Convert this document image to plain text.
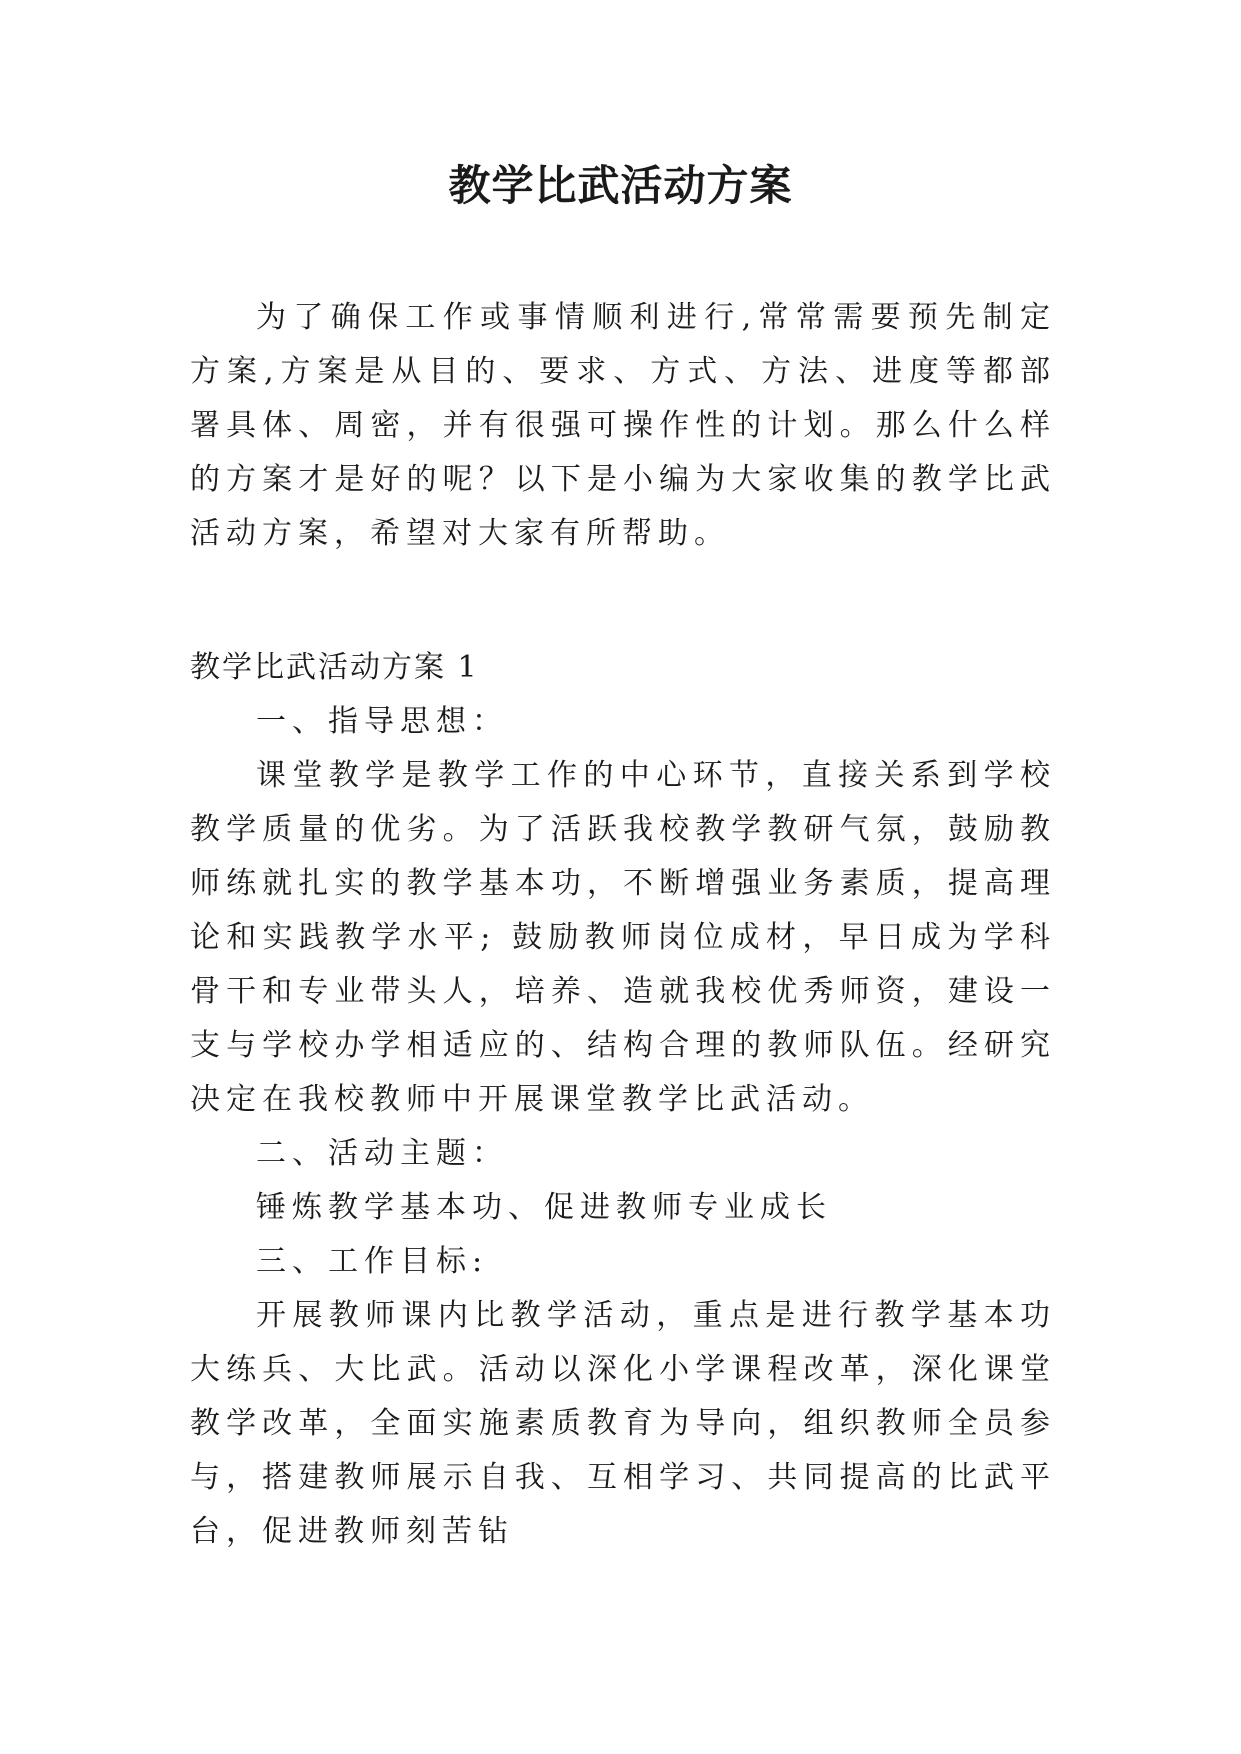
教学比武活动方案

为了确保工作或事情顺利进行,常常需要预先制定方案,方案是从目的、要求、方式、方法、进度等都部署具体、周密，并有很强可操作性的计划。那么什么样的方案才是好的呢？以下是小编为大家收集的教学比武活动方案，希望对大家有所帮助。

教学比武活动方案 1

一、指导思想：

课堂教学是教学工作的中心环节，直接关系到学校教学质量的优劣。为了活跃我校教学教研气氛，鼓励教师练就扎实的教学基本功，不断增强业务素质，提高理论和实践教学水平; 鼓励教师岗位成材，早日成为学科骨干和专业带头人，培养、造就我校优秀师资，建设一支与学校办学相适应的、结构合理的教师队伍。经研究决定在我校教师中开展课堂教学比武活动。

二、活动主题：

锤炼教学基本功、促进教师专业成长

三、工作目标:

开展教师课内比教学活动，重点是进行教学基本功大练兵、大比武。活动以深化小学课程改革，深化课堂教学改革，全面实施素质教育为导向，组织教师全员参与，搭建教师展示自我、互相学习、共同提高的比武平台，促进教师刻苦钻
